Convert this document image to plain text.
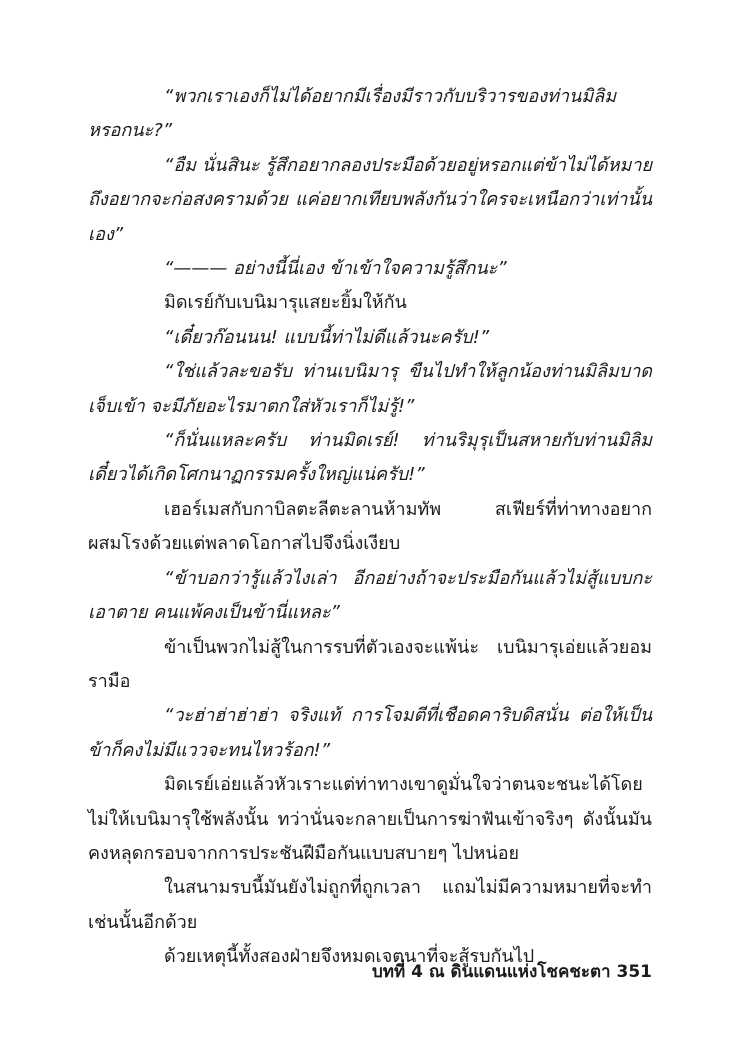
“พวกเราเองก็ไม่ได้อยากมีเรื่องมีราวกับบริวารของท่านมิลิมหรอกนะ?”

“อืม นั่นสินะ รู้สึกอยากลองประมือด้วยอยู่หรอกแต่ข้าไม่ได้หมายถึงอยากจะก่อสงครามด้วย แค่อยากเทียบพลังกันว่าใครจะเหนือกว่าเท่านั้นเอง”

“——— อย่างนี้นี่เอง ข้าเข้าใจความรู้สึกนะ”

มิดเรย์กับเบนิมารุแสยะยิ้มให้กัน

“เดี๋ยวก๊อนนน! แบบนี้ท่าไม่ดีแล้วนะครับ!”

“ใช่แล้วละขอรับ ท่านเบนิมารุ ขืนไปทำให้ลูกน้องท่านมิลิมบาดเจ็บเข้า จะมีภัยอะไรมาตกใส่หัวเราก็ไม่รู้!”

“ก็นั่นแหละครับ ท่านมิดเรย์! ท่านริมุรุเป็นสหายกับท่านมิลิมเดี๋ยวได้เกิดโศกนาฏกรรมครั้งใหญ่แน่ครับ!”

เฮอร์เมสกับกาบิลตะลีตะลานห้ามทัพ สเฟียร์ที่ท่าทางอยากผสมโรงด้วยแต่พลาดโอกาสไปจึงนิ่งเงียบ

“ข้าบอกว่ารู้แล้วไงเล่า อีกอย่างถ้าจะประมือกันแล้วไม่สู้แบบกะเอาตาย คนแพ้คงเป็นข้านี่แหละ”

ข้าเป็นพวกไม่สู้ในการรบที่ตัวเองจะแพ้น่ะ เบนิมารุเอ่ยแล้วยอมรามือ

“วะฮ่าฮ่าฮ่าฮ่า จริงแท้ การโจมตีที่เชือดคาริบดิสนั่น ต่อให้เป็นข้าก็คงไม่มีแววจะทนไหวร้อก!”

มิดเรย์เอ่ยแล้วหัวเราะแต่ท่าทางเขาดูมั่นใจว่าตนจะชนะได้โดยไม่ให้เบนิมารุใช้พลังนั้น ทว่านั่นจะกลายเป็นการฆ่าฟันเข้าจริงๆ ดังนั้นมันคงหลุดกรอบจากการประชันฝีมือกันแบบสบายๆ ไปหน่อย

ในสนามรบนี้มันยังไม่ถูกที่ถูกเวลา แถมไม่มีความหมายที่จะทำเช่นนั้นอีกด้วย

ด้วยเหตุนี้ทั้งสองฝ่ายจึงหมดเจตนาที่จะสู้รบกันไป

บทที่ 4 ณ ดินแดนแห่งโชคชะตา 351
